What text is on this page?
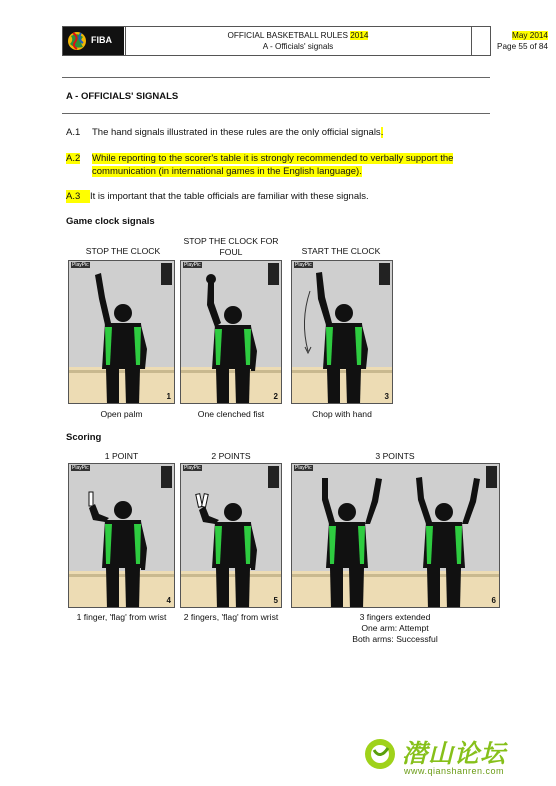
FIBA	OFFICIAL BASKETBALL RULES 2014
A - Officials' signals
May 2014
Page 55 of 84
A - OFFICIALS' SIGNALS
A.1 The hand signals illustrated in these rules are the only official signals.
A.2 While reporting to the scorer's table it is strongly recommended to verbally support the communication (in international games in the English language).
A.3 It is important that the table officials are familiar with these signals.
Game clock signals
STOP THE CLOCK
STOP THE CLOCK FOR FOUL	START THE CLOCK
PlayPic
1
PlayPic
2
PlayPic
3
Open palm	One clenched fist	Chop with hand
Scoring
1 POINT	2 POINTS	3 POINTS
PlayPic
4
PlayPic
5
PlayPic
6
1 finger, 'flag' from wrist	2 fingers, 'flag' from wrist	3 fingers extended
One arm: Attempt
Both arms: Successful
潜山论坛
www.qianshanren.com
